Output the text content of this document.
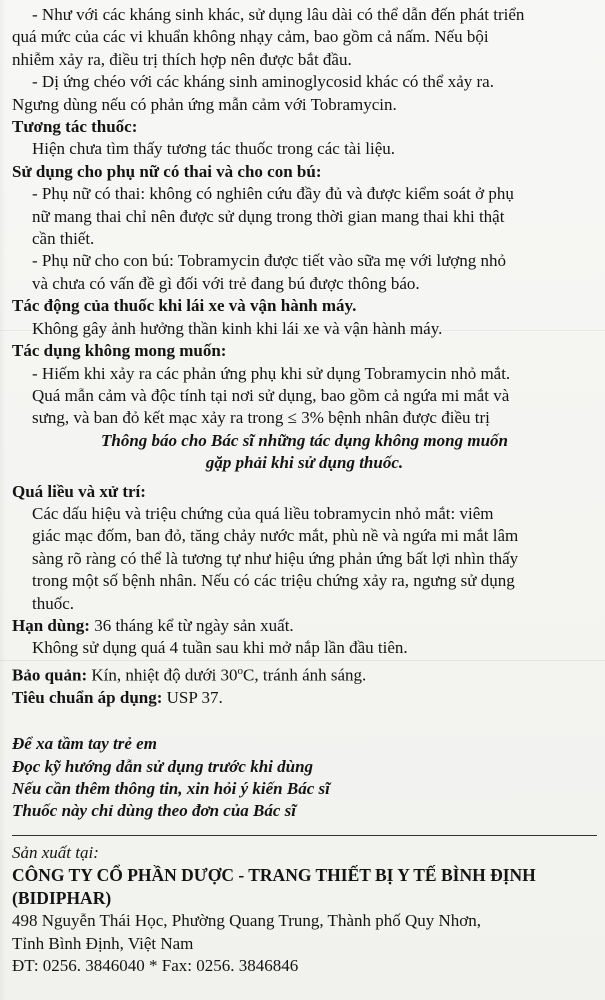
- Như với các kháng sinh khác, sử dụng lâu dài có thể dẫn đến phát triển
quá mức của các vi khuẩn không nhạy cảm, bao gồm cả nấm. Nếu bội
nhiễm xảy ra, điều trị thích hợp nên được bắt đầu.
- Dị ứng chéo với các kháng sinh aminoglycosid khác có thể xảy ra.
Ngưng dùng nếu có phản ứng mẫn cảm với Tobramycin.
Tương tác thuốc:
Hiện chưa tìm thấy tương tác thuốc trong các tài liệu.
Sử dụng cho phụ nữ có thai và cho con bú:
- Phụ nữ có thai: không có nghiên cứu đầy đủ và được kiểm soát ở phụ
nữ mang thai chỉ nên được sử dụng trong thời gian mang thai khi thật
cần thiết.
- Phụ nữ cho con bú: Tobramycin được tiết vào sữa mẹ với lượng nhỏ
và chưa có vấn đề gì đối với trẻ đang bú được thông báo.
Tác động của thuốc khi lái xe và vận hành máy.
Không gây ảnh hưởng thần kinh khi lái xe và vận hành máy.
Tác dụng không mong muốn:
- Hiếm khi xảy ra các phản ứng phụ khi sử dụng Tobramycin nhỏ mắt.
Quá mẫn cảm và độc tính tại nơi sử dụng, bao gồm cả ngứa mi mắt và
sưng, và ban đỏ kết mạc xảy ra trong ≤ 3% bệnh nhân được điều trị
Thông báo cho Bác sĩ những tác dụng không mong muốn
gặp phải khi sử dụng thuốc.
Quá liều và xử trí:
Các dấu hiệu và triệu chứng của quá liều tobramycin nhỏ mắt: viêm
giác mạc đốm, ban đỏ, tăng chảy nước mắt, phù nề và ngứa mi mắt lâm
sàng rõ ràng có thể là tương tự như hiệu ứng phản ứng bất lợi nhìn thấy
trong một số bệnh nhân. Nếu có các triệu chứng xảy ra, ngưng sử dụng
thuốc.
Hạn dùng: 36 tháng kể từ ngày sản xuất.
Không sử dụng quá 4 tuần sau khi mở nắp lần đầu tiên.
Bảo quản: Kín, nhiệt độ dưới 30$^o$C, tránh ánh sáng.
Tiêu chuẩn áp dụng: USP 37.
Để xa tầm tay trẻ em
Đọc kỹ hướng dẫn sử dụng trước khi dùng
Nếu cần thêm thông tin, xin hỏi ý kiến Bác sĩ
Thuốc này chỉ dùng theo đơn của Bác sĩ
Sản xuất tại:
CÔNG TY CỔ PHẦN DƯỢC - TRANG THIẾT BỊ Y TẾ BÌNH ĐỊNH
(BIDIPHAR)
498 Nguyễn Thái Học, Phường Quang Trung, Thành phố Quy Nhơn,
Tỉnh Bình Định, Việt Nam
ĐT: 0256. 3846040 * Fax: 0256. 3846846
